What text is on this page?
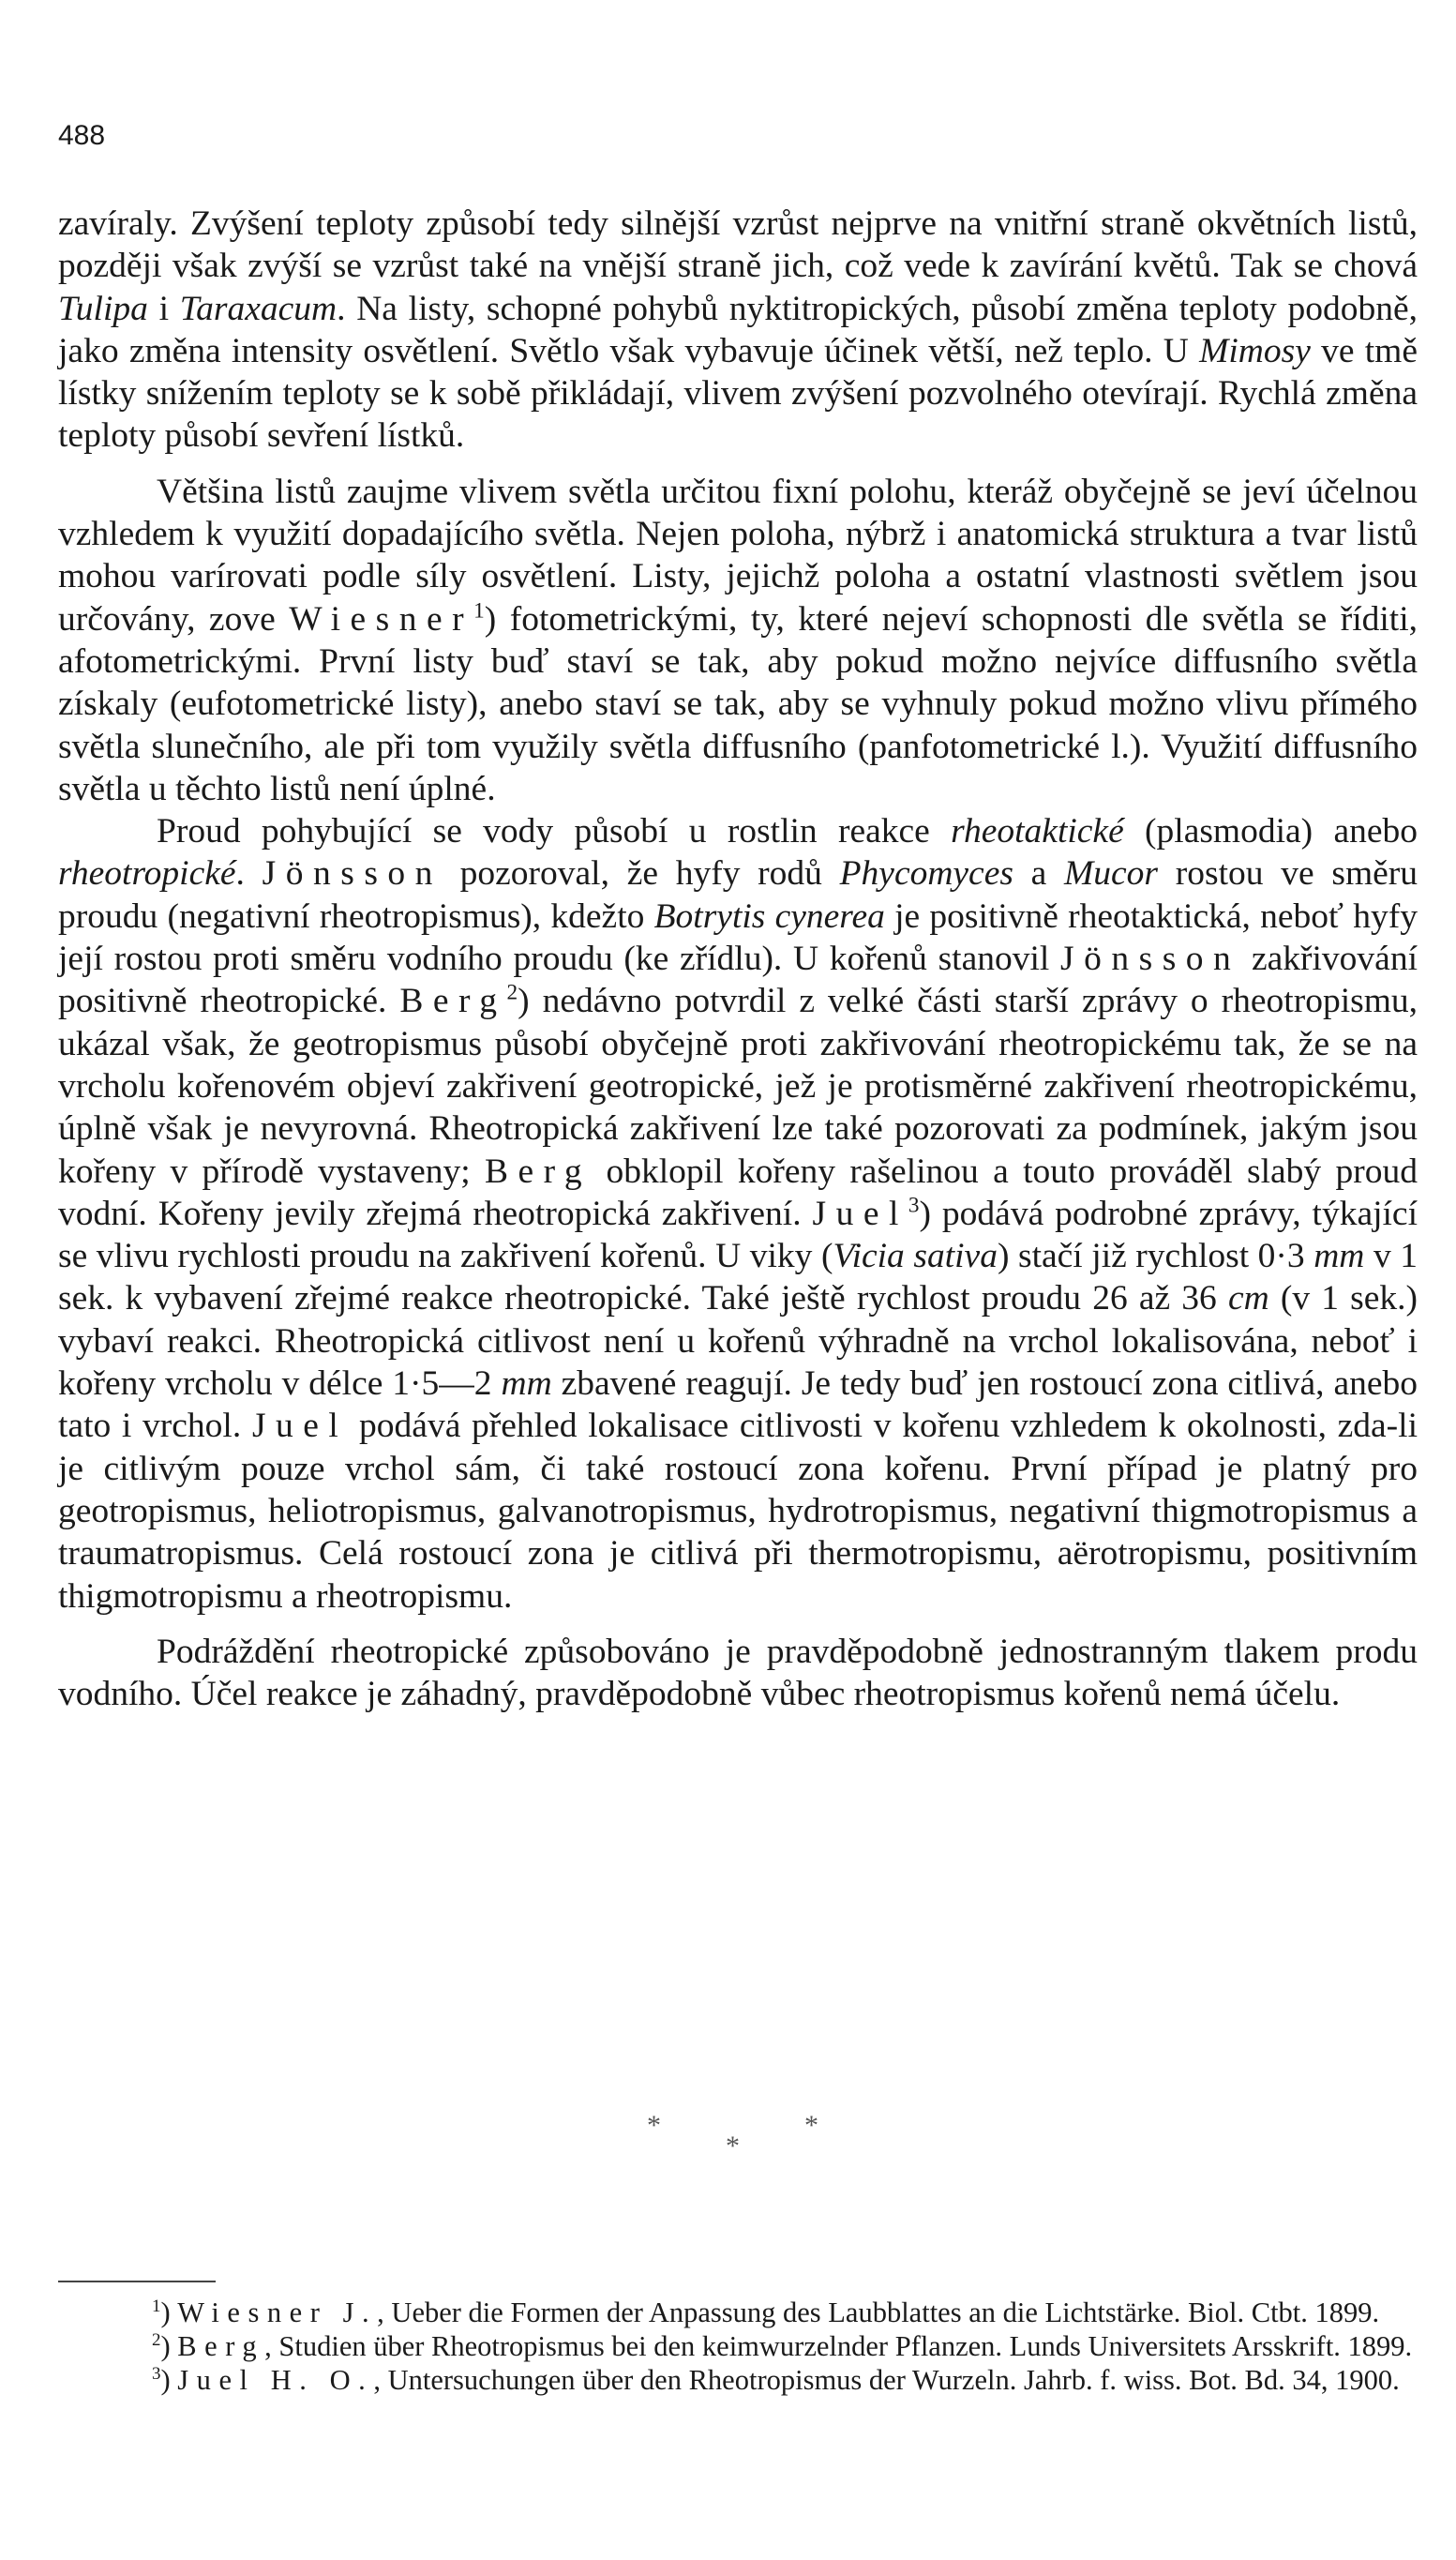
488

zavíraly. Zvýšení teploty způsobí tedy silnější vzrůst nejprve na vnitřní straně okvětních listů, později však zvýší se vzrůst také na vnější straně jich, což vede k zavírání květů. Tak se chová Tulipa i Taraxacum. Na listy, schopné pohybů nyktitropických, působí změna teploty podobně, jako změna intensity osvětlení. Světlo však vybavuje účinek větší, než teplo. U Mimosy ve tmě lístky snížením teploty se k sobě přikládají, vlivem zvýšení pozvolného otevírají. Rychlá změna teploty působí sevření lístků.

Většina listů zaujme vlivem světla určitou fixní polohu, kteráž obyčejně se jeví účelnou vzhledem k využití dopadajícího světla. Nejen poloha, nýbrž i anatomická struktura a tvar listů mohou varírovati podle síly osvětlení. Listy, jejichž poloha a ostatní vlastnosti světlem jsou určovány, zove Wiesner$^1$) fotometrickými, ty, které nejeví schopnosti dle světla se říditi, afotometrickými. První listy buď staví se tak, aby pokud možno nejvíce diffusního světla získaly (eufotometrické listy), anebo staví se tak, aby se vyhnuly pokud možno vlivu přímého světla slunečního, ale při tom využily světla diffusního (panfotometrické l.). Využití diffusního světla u těchto listů není úplné.

Proud pohybující se vody působí u rostlin reakce rheotaktické (plasmodia) anebo rheotropické. Jönsson pozoroval, že hyfy rodů Phycomyces a Mucor rostou ve směru proudu (negativní rheotropismus), kdežto Botrytis cynerea je positivně rheotaktická, neboť hyfy její rostou proti směru vodního proudu (ke zřídlu). U kořenů stanovil Jönsson zakřivování positivně rheotropické. Berg$^2$) nedávno potvrdil z velké části starší zprávy o rheotropismu, ukázal však, že geotropismus působí obyčejně proti zakřivování rheotropickému tak, že se na vrcholu kořenovém objeví zakřivení geotropické, jež je protisměrné zakřivení rheotropickému, úplně však je nevyrovná. Rheotropická zakřivení lze také pozorovati za podmínek, jakým jsou kořeny v přírodě vystaveny; Berg obklopil kořeny rašelinou a touto prováděl slabý proud vodní. Kořeny jevily zřejmá rheotropická zakřivení. Juel$^3$) podává podrobné zprávy, týkající se vlivu rychlosti proudu na zakřivení kořenů. U viky (Vicia sativa) stačí již rychlost 0·3 mm v 1 sek. k vybavení zřejmé reakce rheotropické. Také ještě rychlost proudu 26 až 36 cm (v 1 sek.) vybaví reakci. Rheotropická citlivost není u kořenů výhradně na vrchol lokalisována, neboť i kořeny vrcholu v délce 1·5—2 mm zbavené reagují. Je tedy buď jen rostoucí zona citlivá, anebo tato i vrchol. Juel podává přehled lokalisace citlivosti v kořenu vzhledem k okolnosti, zda-li je citlivým pouze vrchol sám, či také rostoucí zona kořenu. První případ je platný pro geotropismus, heliotropismus, galvanotropismus, hydrotropismus, negativní thigmotropismus a traumatropismus. Celá rostoucí zona je citlivá při thermotropismu, aërotropismu, positivním thigmotropismu a rheotropismu.

Podráždění rheotropické způsobováno je pravděpodobně jednostranným tlakem produ vodního. Účel reakce je záhadný, pravděpodobně vůbec rheotropismus kořenů nemá účelu.

*
*
*

$^1$) Wiesner J., Ueber die Formen der Anpassung des Laubblattes an die Lichtstärke. Biol. Ctbt. 1899.

$^2$) Berg, Studien über Rheotropismus bei den keimwurzelnder Pflanzen. Lunds Universitets Arsskrift. 1899.

$^3$) Juel H. O., Untersuchungen über den Rheotropismus der Wurzeln. Jahrb. f. wiss. Bot. Bd. 34, 1900.
